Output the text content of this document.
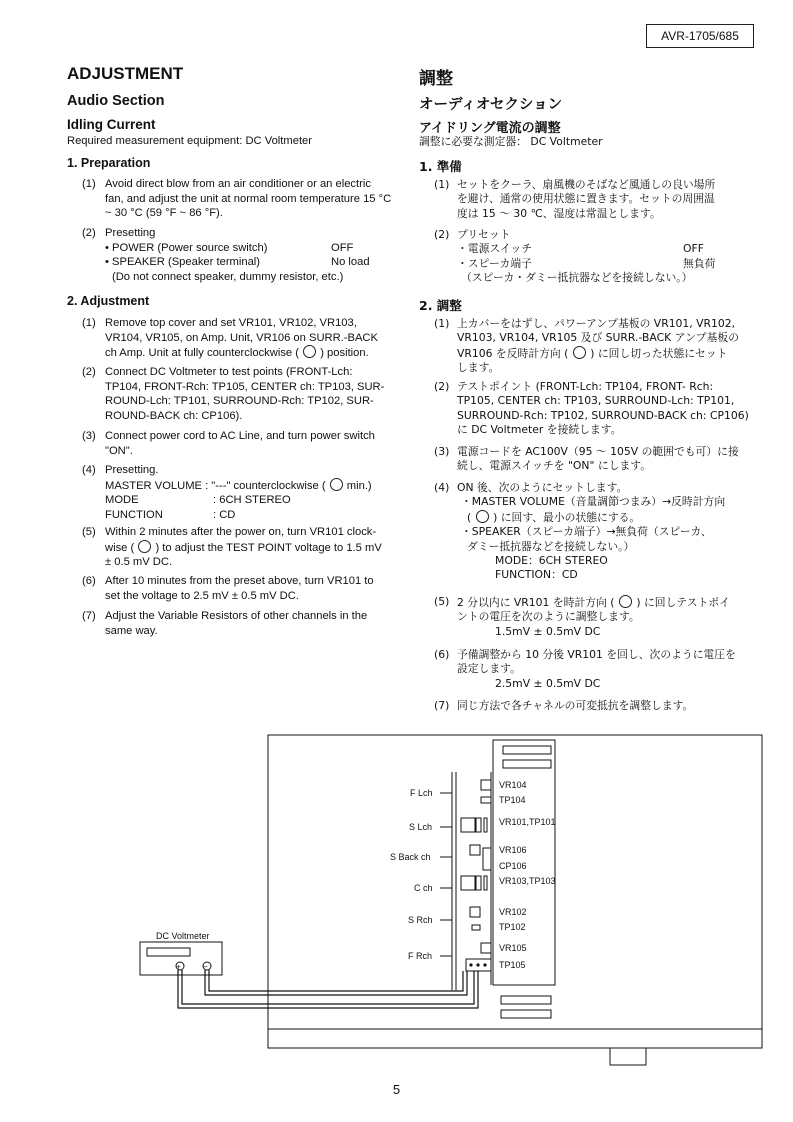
AVR-1705/685
ADJUSTMENT
Audio Section
Idling Current
Required measurement equipment: DC Voltmeter
1. Preparation
(1) Avoid direct blow from an air conditioner or an electric
fan, and adjust the unit at normal room temperature 15 °C
~ 30 °C (59 °F ~ 86 °F).
(2) Presetting
• POWER (Power source switch)	OFF
• SPEAKER (Speaker terminal)	No load
(Do not connect speaker, dummy resistor, etc.)
2. Adjustment
(1) Remove top cover and set VR101, VR102, VR103,
VR104, VR105, on Amp. Unit, VR106 on SURR.-BACK
ch Amp. Unit at fully counterclockwise ( ) position.
(2) Connect DC Voltmeter to test points (FRONT-Lch:
TP104, FRONT-Rch: TP105, CENTER ch: TP103, SUR-
ROUND-Lch: TP101, SURROUND-Rch: TP102, SUR-
ROUND-BACK ch: CP106).
(3) Connect power cord to AC Line, and turn power switch
"ON".
(4) Presetting.
MASTER VOLUME : "---" counterclockwise ( min.)
MODE	: 6CH STEREO
FUNCTION	: CD
(5) Within 2 minutes after the power on, turn VR101 clock-
wise ( ) to adjust the TEST POINT voltage to 1.5 mV
± 0.5 mV DC.
(6) After 10 minutes from the preset above, turn VR101 to
set the voltage to 2.5 mV ± 0.5 mV DC.
(7) Adjust the Variable Resistors of other channels in the
same way.
調整
オーディオセクション
アイドリング電流の調整
調整に必要な測定器： DC Voltmeter
1. 準備
(1) セットをクーラ、扇風機のそばなど風通しの良い場所
を避け、通常の使用状態に置きます。セットの周囲温
度は 15 ～ 30 ℃、湿度は常温とします。
(2) プリセット
・電源スイッチ	OFF
・スピーカ端子	無負荷
（スピーカ・ダミー抵抗器などを接続しない。）
2. 調整
(1) 上カバーをはずし、パワーアンプ基板の VR101, VR102,
VR103, VR104, VR105 及び SURR.-BACK アンプ基板の
VR106 を反時計方向 ( ) に回し切った状態にセット
します。
(2) テストポイント (FRONT-Lch: TP104, FRONT- Rch:
TP105, CENTER ch: TP103, SURROUND-Lch: TP101,
SURROUND-Rch: TP102, SURROUND-BACK ch: CP106)
に DC Voltmeter を接続します。
(3) 電源コードを AC100V（95 ～ 105V の範囲でも可）に接
続し、電源スイッチを "ON" にします。
(4) ON 後、次のようにセットします。
・MASTER VOLUME（音量調節つまみ）→反時計方向
( ) に回す、最小の状態にする。
・SPEAKER（スピーカ端子）→無負荷（スピーカ、
ダミー抵抗器などを接続しない。）
MODE：6CH STEREO
FUNCTION：CD
(5) 2 分以内に VR101 を時計方向 ( ) に回しテストポイ
ントの電圧を次のように調整します。
1.5mV ± 0.5mV DC
(6) 予備調整から 10 分後 VR101 を回し、次のように電圧を
設定します。
2.5mV ± 0.5mV DC
(7) 同じ方法で各チャネルの可変抵抗を調整します。
DC Voltmeter
+	−
F Lch
S Lch
S Back ch
C ch
S Rch
F Rch
VR104
TP104
VR101,TP101
VR106
CP106
VR103,TP103
VR102
TP102
VR105
TP105
5
